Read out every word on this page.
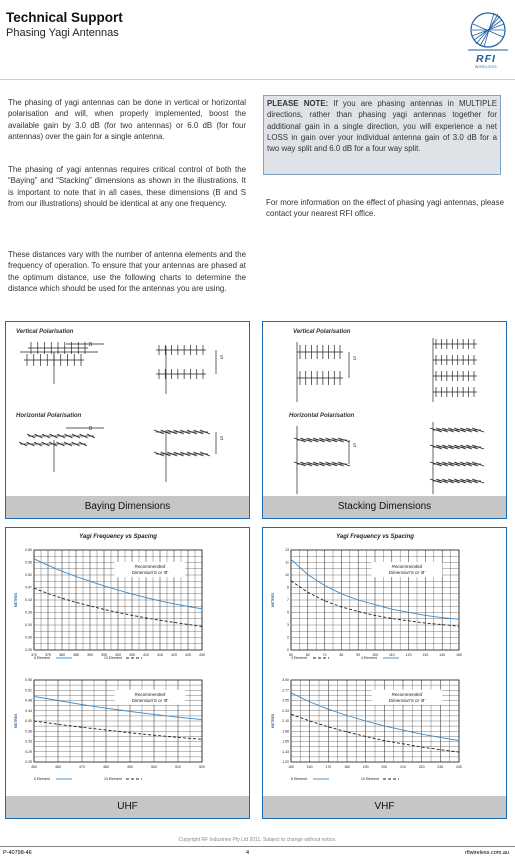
Technical Support
Phasing Yagi Antennas
RFI
WIRELESS
The phasing of yagi antennas can be done in vertical or horizontal polarisation and will, when properly implemented, boost the available gain by 3.0 dB (for two antennas) or 6.0 dB (for four antennas) over the gain for a single antenna.
The phasing of yagi antennas requires critical control of both the “Baying” and “Stacking” dimensions as shown in the illustrations. It is important to note that in all cases, these dimensions (B and S from our illustrations) should be identical at any one frequency.
These distances vary with the number of antenna elements and the frequency of operation. To ensure that your antennas are phased at the optimum distance, use the following charts to determine the distance which should be used for the antennas you are using.
PLEASE NOTE: If you are phasing antennas in MULTIPLE directions, rather than phasing yagi antennas together for additional gain in a single direction, you will experience a net LOSS in gain over your individual antenna gain of 3.0 dB for a two way split and 6.0 dB for a four way split.
For more information on the effect of phasing yagi antennas, please contact your nearest RFI office.
Vertical Polarisation
Horizontal Polarisation
B
B
S
S
Baying Dimensions
Vertical Polarisation
Horizontal Polarisation
S
S
Stacking Dimensions
Yagi Frequency vs Spacing
370 375 380 385 390 395 400 405 410 415 420 425 430
0.26
0.30
0.34
0.39
0.43
0.47
0.52
0.56
0.60
METRES
Recommended
Dimension'S or 'B'
6 Element	10 Element
450	460	470	480	490	500	510	520
0.25
0.29
0.33
0.36
0.40
0.44
0.48
0.51
0.55
METRES
Recommended
Dimension'S or 'B'
6 Element	10 Element
UHF
Yagi Frequency vs Spacing
50	60	70	80	90	100	110	120	130	140	150
0
2
3
5
7
8
10
11
13
METRES
Recommended
Dimension'S or 'B'
3 Element	4 Element
150	160	170	180	190	200	210	220	230	240
1.20
1.43
1.65
1.88
2.10
2.33
2.55
2.77
3.00
METRES
Recommended
Dimension'S or 'B'
6 Element	10 Element
VHF
Copyright RF Industries Pty Ltd 2011. Subject to change without notice.
P-40798-46	4	rfiwireless.com.au
